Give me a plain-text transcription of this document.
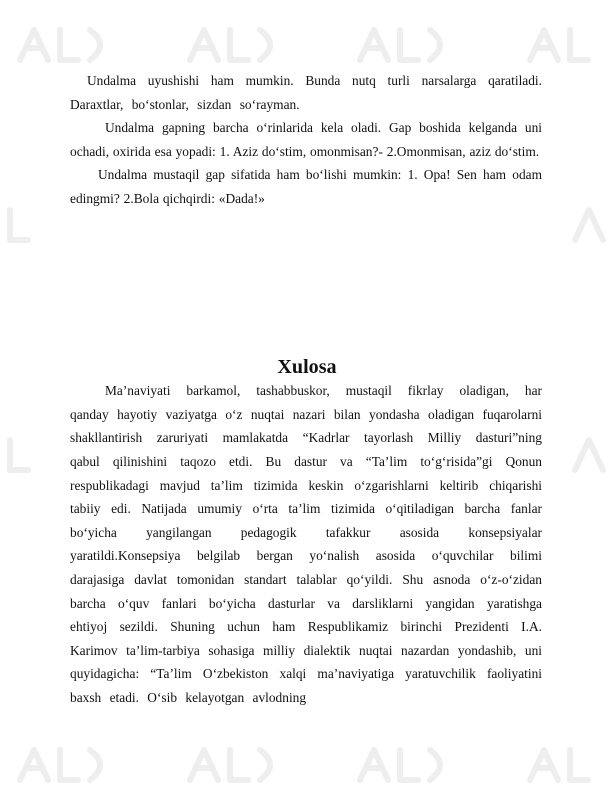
Undalma uyushishi ham mumkin. Bunda nutq turli narsalarga qaratiladi. Daraxtlar, bo‘stonlar, sizdan so‘rayman.

Undalma gapning barcha o‘rinlarida kela oladi. Gap boshida kelganda uni ochadi, oxirida esa yopadi: 1. Aziz do‘stim, omonmisan?- 2.Omonmisan, aziz do‘stim.

Undalma mustaqil gap sifatida ham bo‘lishi mumkin: 1. Opa! Sen ham odam edingmi? 2.Bola qichqirdi: «Dada!»

Xulosa

Ma’naviyati barkamol, tashabbuskor, mustaqil fikrlay oladigan, har qanday hayotiy vaziyatga o‘z nuqtai nazari bilan yondasha oladigan fuqarolarni shakllantirish zaruriyati mamlakatda “Kadrlar tayorlash Milliy dasturi”ning qabul qilinishini taqozo etdi. Bu dastur va “Ta’lim to‘g‘risida”gi Qonun respublikadagi mavjud ta’lim tizimida keskin o‘zgarishlarni keltirib chiqarishi tabiiy edi. Natijada umumiy o‘rta ta’lim tizimida o‘qitiladigan barcha fanlar bo‘yicha yangilangan pedagogik tafakkur asosida konsepsiyalar yaratildi.Konsepsiya belgilab bergan yo‘nalish asosida o‘quvchilar bilimi darajasiga davlat tomonidan standart talablar qo‘yildi. Shu asnoda o‘z-o‘zidan barcha o‘quv fanlari bo‘yicha dasturlar va darsliklarni yangidan yaratishga ehtiyoj sezildi. Shuning uchun ham Respublikamiz birinchi Prezidenti I.A. Karimov ta’lim-tarbiya sohasiga milliy dialektik nuqtai nazardan yondashib, uni quyidagicha: “Ta’lim O‘zbekiston xalqi ma’naviyatiga yaratuvchilik faoliyatini baxsh etadi. O‘sib kelayotgan avlodning
